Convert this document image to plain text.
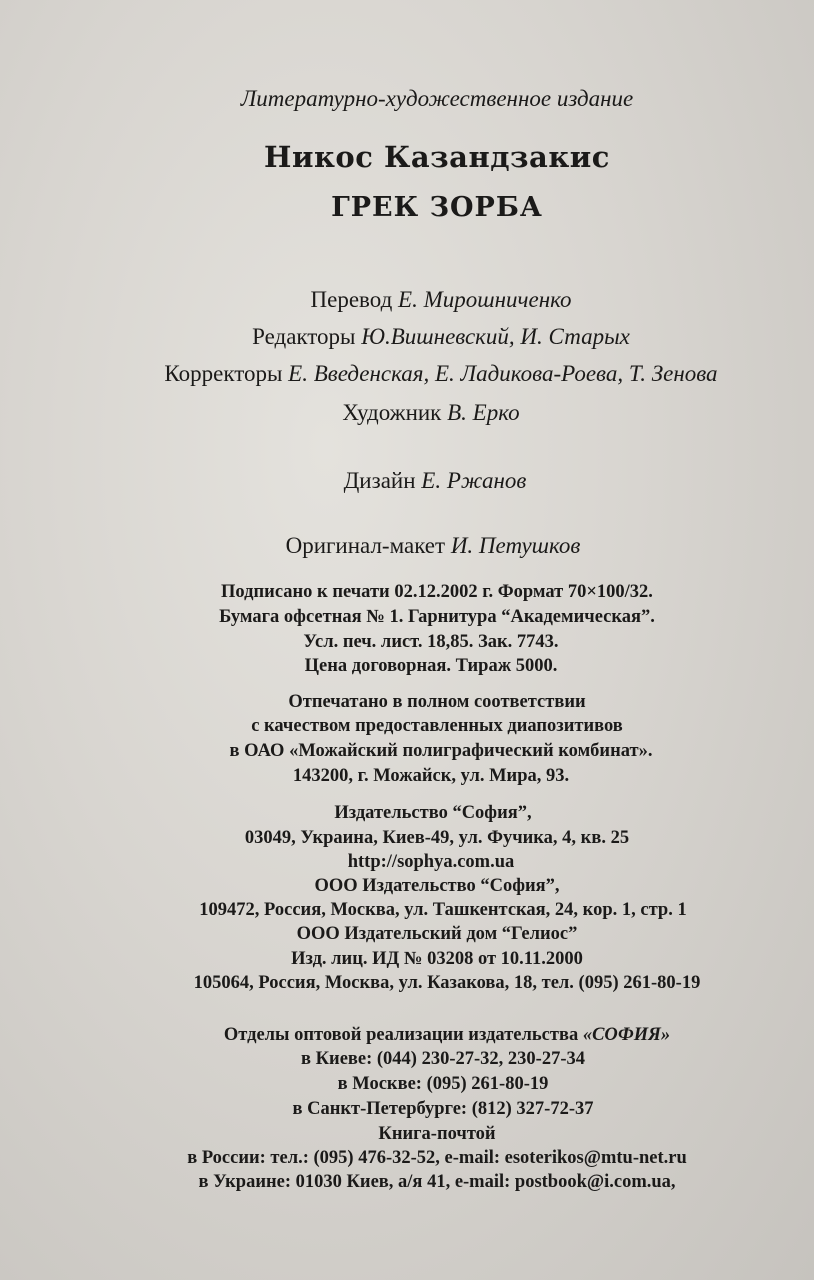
Литературно-художественное издание
Никос Казандзакис
ГРЕК ЗОРБА
Перевод Е. Мирошниченко
Редакторы Ю.Вишневский, И. Старых
Корректоры Е. Введенская, Е. Ладикова-Роева, Т. Зенова
Художник В. Ерко
Дизайн Е. Ржанов
Оригинал-макет И. Петушков
Подписано к печати 02.12.2002 г. Формат 70×100/32.
Бумага офсетная № 1. Гарнитура “Академическая”.
Усл. печ. лист. 18,85. Зак. 7743.
Цена договорная. Тираж 5000.
Отпечатано в полном соответствии
с качеством предоставленных диапозитивов
в ОАО «Можайский полиграфический комбинат».
143200, г. Можайск, ул. Мира, 93.
Издательство “София”,
03049, Украина, Киев-49, ул. Фучика, 4, кв. 25
http://sophya.com.ua
ООО Издательство “София”,
109472, Россия, Москва, ул. Ташкентская, 24, кор. 1, стр. 1
ООО Издательский дом “Гелиос”
Изд. лиц. ИД № 03208 от 10.11.2000
105064, Россия, Москва, ул. Казакова, 18, тел. (095) 261-80-19
Отделы оптовой реализации издательства «СОФИЯ»
в Киеве: (044) 230-27-32, 230-27-34
в Москве: (095) 261-80-19
в Санкт-Петербурге: (812) 327-72-37
Книга-почтой
в России: тел.: (095) 476-32-52, e-mail: esoterikos@mtu-net.ru
в Украине: 01030 Киев, а/я 41, e-mail: postbook@i.com.ua,
